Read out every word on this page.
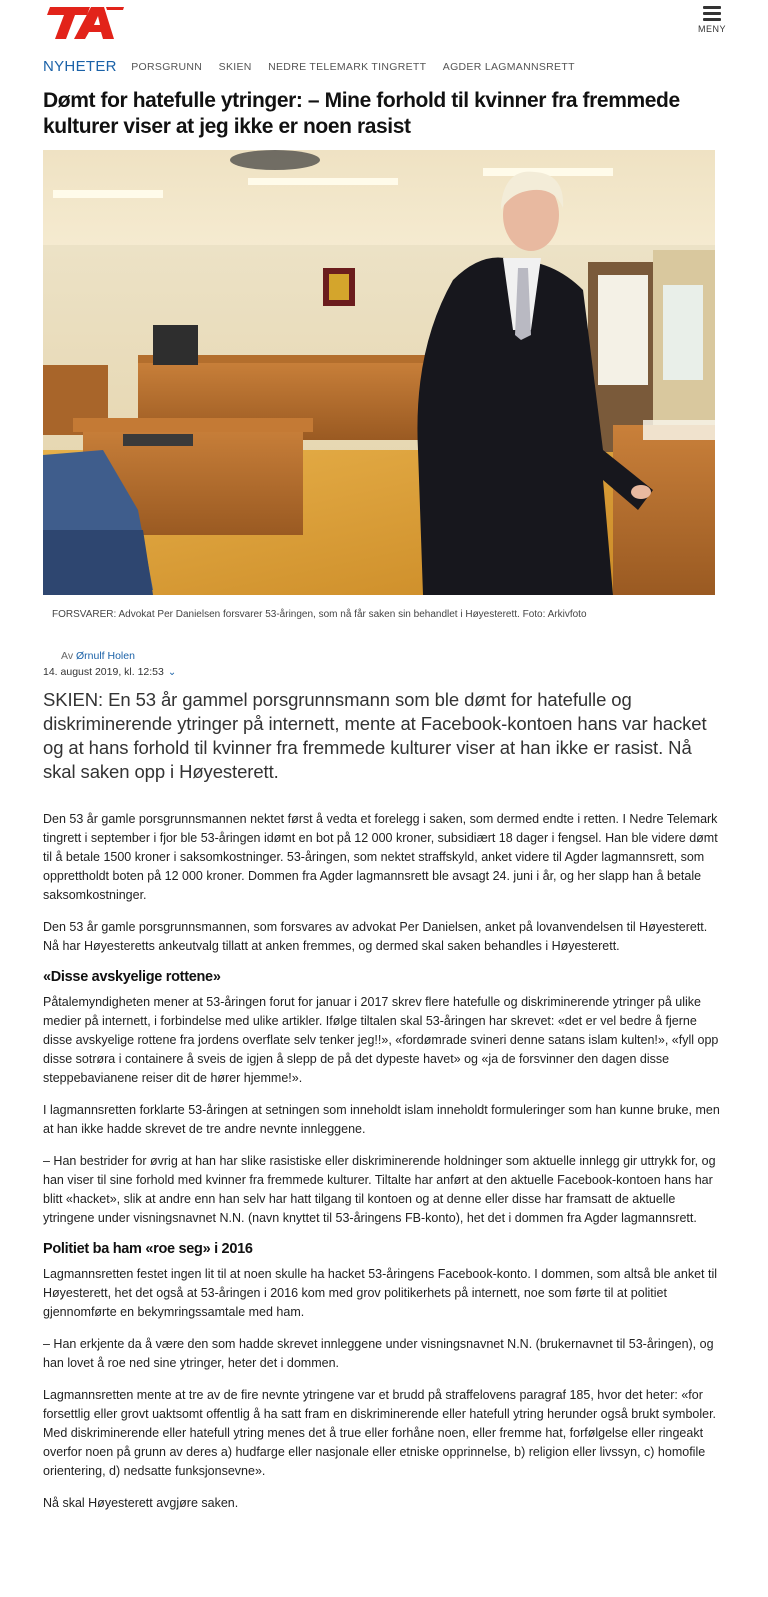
MENY
NYHETER PORSGRUNN SKIEN NEDRE TELEMARK TINGRETT AGDER LAGMANNSRETT
Dømt for hatefulle ytringer: – Mine forhold til kvinner fra fremmede kulturer viser at jeg ikke er noen rasist
FORSVARER: Advokat Per Danielsen forsvarer 53-åringen, som nå får saken sin behandlet i Høyesterett. Foto: Arkivfoto
Av Ørnulf Holen
14. august 2019, kl. 12:53 ⌄

SKIEN: En 53 år gammel porsgrunnsmann som ble dømt for hatefulle og diskriminerende ytringer på internett, mente at Facebook-kontoen hans var hacket og at hans forhold til kvinner fra fremmede kulturer viser at han ikke er rasist. Nå skal saken opp i Høyesterett.

Den 53 år gamle porsgrunnsmannen nektet først å vedta et forelegg i saken, som dermed endte i retten. I Nedre Telemark tingrett i september i fjor ble 53-åringen idømt en bot på 12 000 kroner, subsidiært 18 dager i fengsel. Han ble videre dømt til å betale 1500 kroner i saksomkostninger. 53-åringen, som nektet straffskyld, anket videre til Agder lagmannsrett, som opprettholdt boten på 12 000 kroner. Dommen fra Agder lagmannsrett ble avsagt 24. juni i år, og her slapp han å betale saksomkostninger.

Den 53 år gamle porsgrunnsmannen, som forsvares av advokat Per Danielsen, anket på lovanvendelsen til Høyesterett. Nå har Høyesteretts ankeutvalg tillatt at anken fremmes, og dermed skal saken behandles i Høyesterett.

«Disse avskyelige rottene»

Påtalemyndigheten mener at 53-åringen forut for januar i 2017 skrev flere hatefulle og diskriminerende ytringer på ulike medier på internett, i forbindelse med ulike artikler. Ifølge tiltalen skal 53-åringen har skrevet: «det er vel bedre å fjerne disse avskyelige rottene fra jordens overflate selv tenker jeg!!», «fordømrade svineri denne satans islam kulten!», «fyll opp disse sotrøra i containere å sveis de igjen å slepp de på det dypeste havet» og «ja de forsvinner den dagen disse steppebavianene reiser dit de hører hjemme!».

I lagmannsretten forklarte 53-åringen at setningen som inneholdt islam inneholdt formuleringer som han kunne bruke, men at han ikke hadde skrevet de tre andre nevnte innleggene.

– Han bestrider for øvrig at han har slike rasistiske eller diskriminerende holdninger som aktuelle innlegg gir uttrykk for, og han viser til sine forhold med kvinner fra fremmede kulturer. Tiltalte har anført at den aktuelle Facebook-kontoen hans har blitt «hacket», slik at andre enn han selv har hatt tilgang til kontoen og at denne eller disse har framsatt de aktuelle ytringene under visningsnavnet N.N. (navn knyttet til 53-åringens FB-konto), het det i dommen fra Agder lagmannsrett.

Politiet ba ham «roe seg» i 2016

Lagmannsretten festet ingen lit til at noen skulle ha hacket 53-åringens Facebook-konto. I dommen, som altså ble anket til Høyesterett, het det også at 53-åringen i 2016 kom med grov politikerhets på internett, noe som førte til at politiet gjennomførte en bekymringssamtale med ham.

– Han erkjente da å være den som hadde skrevet innleggene under visningsnavnet N.N. (brukernavnet til 53-åringen), og han lovet å roe ned sine ytringer, heter det i dommen.

Lagmannsretten mente at tre av de fire nevnte ytringene var et brudd på straffelovens paragraf 185, hvor det heter: «for forsettlig eller grovt uaktsomt offentlig å ha satt fram en diskriminerende eller hatefull ytring herunder også brukt symboler. Med diskriminerende eller hatefull ytring menes det å true eller forhåne noen, eller fremme hat, forfølgelse eller ringeakt overfor noen på grunn av deres a) hudfarge eller nasjonale eller etniske opprinnelse, b) religion eller livssyn, c) homofile orientering, d) nedsatte funksjonsevne».

Nå skal Høyesterett avgjøre saken.
